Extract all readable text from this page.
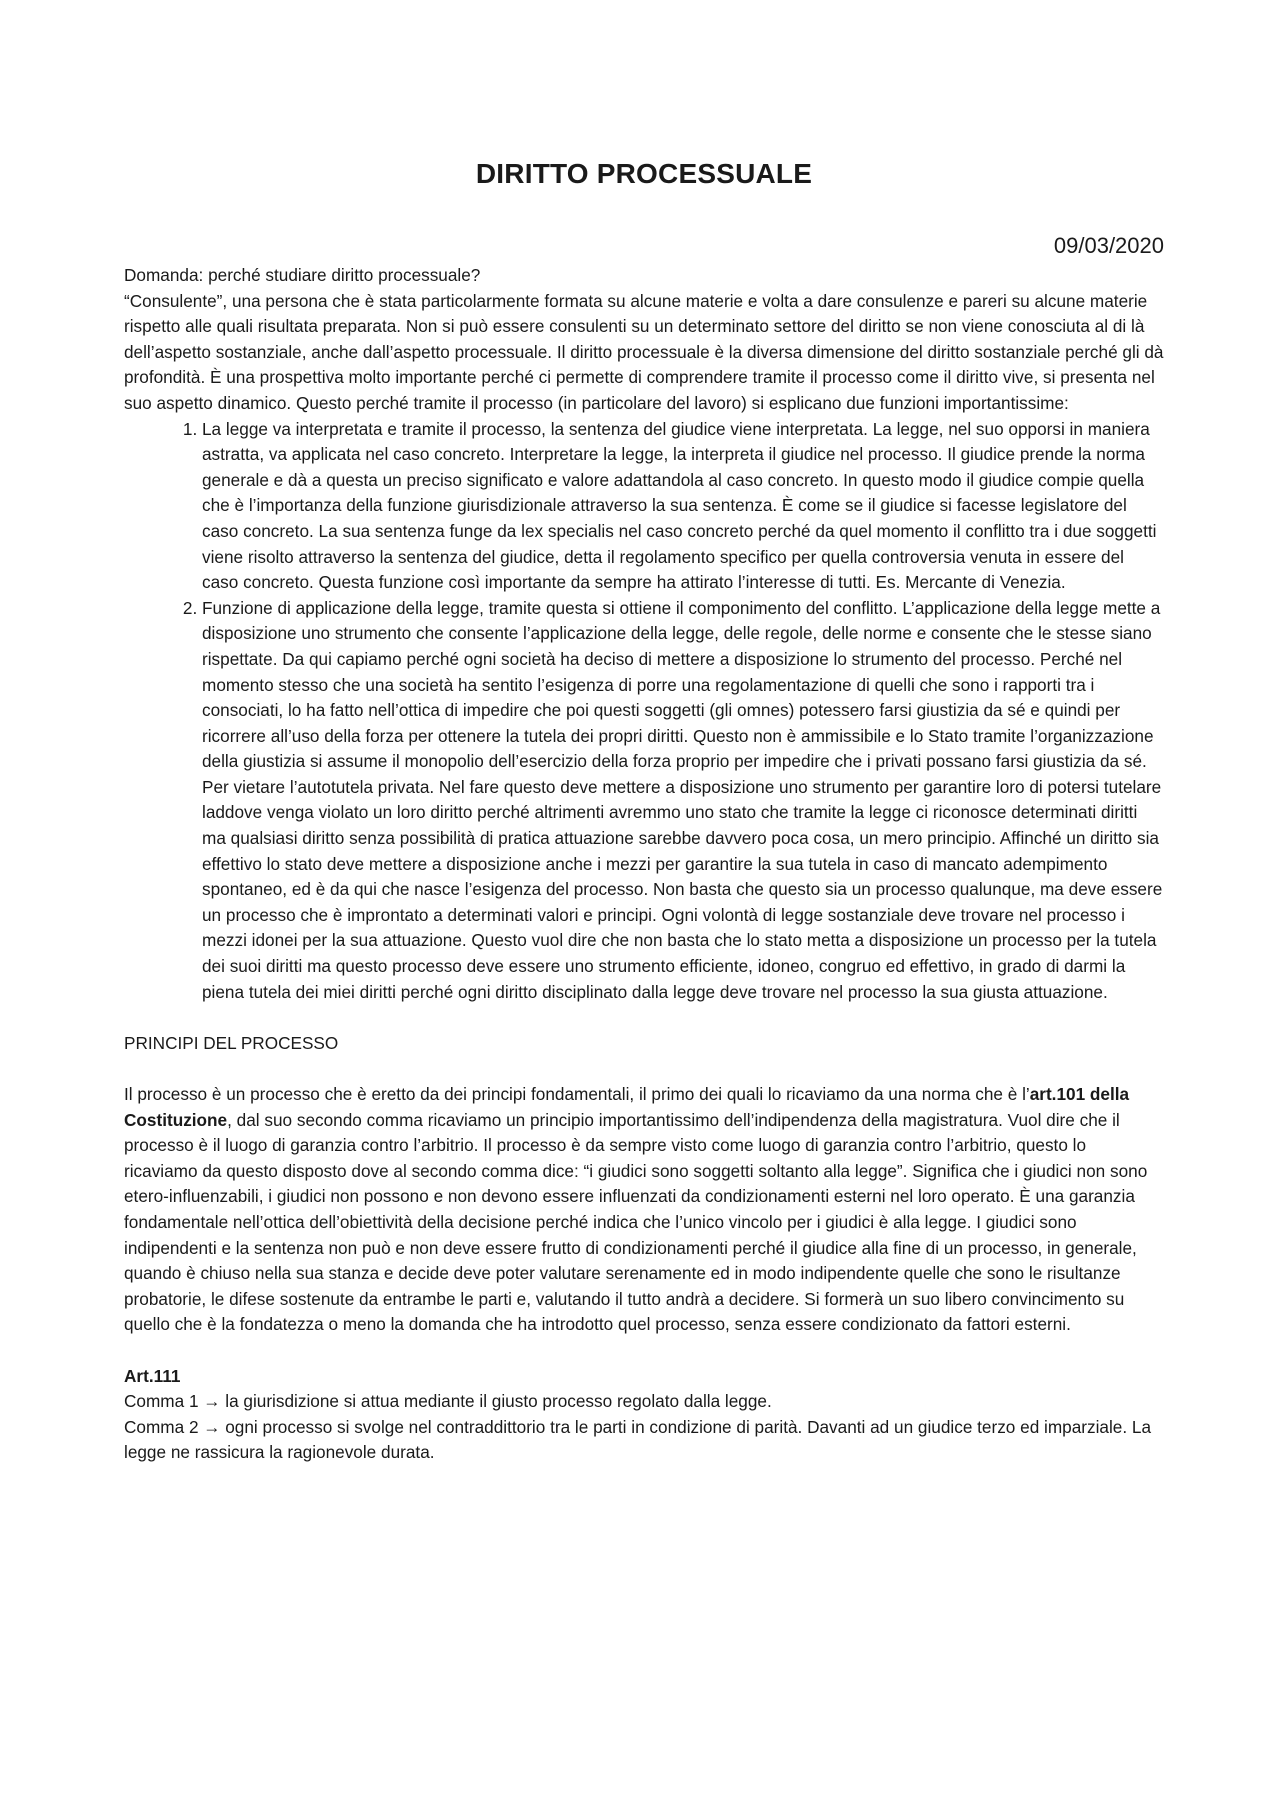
DIRITTO PROCESSUALE

09/03/2020

Domanda: perché studiare diritto processuale?

“Consulente”, una persona che è stata particolarmente formata su alcune materie e volta a dare consulenze e pareri su alcune materie rispetto alle quali risultata preparata. Non si può essere consulenti su un determinato settore del diritto se non viene conosciuta al di là dell’aspetto sostanziale, anche dall’aspetto processuale. Il diritto processuale è la diversa dimensione del diritto sostanziale perché gli dà profondità. È una prospettiva molto importante perché ci permette di comprendere tramite il processo come il diritto vive, si presenta nel suo aspetto dinamico. Questo perché tramite il processo (in particolare del lavoro) si esplicano due funzioni importantissime:

1. La legge va interpretata e tramite il processo, la sentenza del giudice viene interpretata. La legge, nel suo opporsi in maniera astratta, va applicata nel caso concreto. Interpretare la legge, la interpreta il giudice nel processo. Il giudice prende la norma generale e dà a questa un preciso significato e valore adattandola al caso concreto. In questo modo il giudice compie quella che è l’importanza della funzione giurisdizionale attraverso la sua sentenza. È come se il giudice si facesse legislatore del caso concreto. La sua sentenza funge da lex specialis nel caso concreto perché da quel momento il conflitto tra i due soggetti viene risolto attraverso la sentenza del giudice, detta il regolamento specifico per quella controversia venuta in essere del caso concreto. Questa funzione così importante da sempre ha attirato l’interesse di tutti. Es. Mercante di Venezia.
2. Funzione di applicazione della legge, tramite questa si ottiene il componimento del conflitto. L’applicazione della legge mette a disposizione uno strumento che consente l’applicazione della legge, delle regole, delle norme e consente che le stesse siano rispettate. Da qui capiamo perché ogni società ha deciso di mettere a disposizione lo strumento del processo. Perché nel momento stesso che una società ha sentito l’esigenza di porre una regolamentazione di quelli che sono i rapporti tra i consociati, lo ha fatto nell’ottica di impedire che poi questi soggetti (gli omnes) potessero farsi giustizia da sé e quindi per ricorrere all’uso della forza per ottenere la tutela dei propri diritti. Questo non è ammissibile e lo Stato tramite l’organizzazione della giustizia si assume il monopolio dell’esercizio della forza proprio per impedire che i privati possano farsi giustizia da sé. Per vietare l’autotutela privata. Nel fare questo deve mettere a disposizione uno strumento per garantire loro di potersi tutelare laddove venga violato un loro diritto perché altrimenti avremmo uno stato che tramite la legge ci riconosce determinati diritti ma qualsiasi diritto senza possibilità di pratica attuazione sarebbe davvero poca cosa, un mero principio. Affinché un diritto sia effettivo lo stato deve mettere a disposizione anche i mezzi per garantire la sua tutela in caso di mancato adempimento spontaneo, ed è da qui che nasce l’esigenza del processo. Non basta che questo sia un processo qualunque, ma deve essere un processo che è improntato a determinati valori e principi. Ogni volontà di legge sostanziale deve trovare nel processo i mezzi idonei per la sua attuazione. Questo vuol dire che non basta che lo stato metta a disposizione un processo per la tutela dei suoi diritti ma questo processo deve essere uno strumento efficiente, idoneo, congruo ed effettivo, in grado di darmi la piena tutela dei miei diritti perché ogni diritto disciplinato dalla legge deve trovare nel processo la sua giusta attuazione.

PRINCIPI DEL PROCESSO

Il processo è un processo che è eretto da dei principi fondamentali, il primo dei quali lo ricaviamo da una norma che è l’art.101 della Costituzione, dal suo secondo comma ricaviamo un principio importantissimo dell’indipendenza della magistratura. Vuol dire che il processo è il luogo di garanzia contro l’arbitrio. Il processo è da sempre visto come luogo di garanzia contro l’arbitrio, questo lo ricaviamo da questo disposto dove al secondo comma dice: “i giudici sono soggetti soltanto alla legge”. Significa che i giudici non sono etero-influenzabili, i giudici non possono e non devono essere influenzati da condizionamenti esterni nel loro operato. È una garanzia fondamentale nell’ottica dell’obiettività della decisione perché indica che l’unico vincolo per i giudici è alla legge. I giudici sono indipendenti e la sentenza non può e non deve essere frutto di condizionamenti perché il giudice alla fine di un processo, in generale, quando è chiuso nella sua stanza e decide deve poter valutare serenamente ed in modo indipendente quelle che sono le risultanze probatorie, le difese sostenute da entrambe le parti e, valutando il tutto andrà a decidere. Si formerà un suo libero convincimento su quello che è la fondatezza o meno la domanda che ha introdotto quel processo, senza essere condizionato da fattori esterni.

Art.111

Comma 1 → la giurisdizione si attua mediante il giusto processo regolato dalla legge.

Comma 2 → ogni processo si svolge nel contraddittorio tra le parti in condizione di parità. Davanti ad un giudice terzo ed imparziale. La legge ne rassicura la ragionevole durata.
